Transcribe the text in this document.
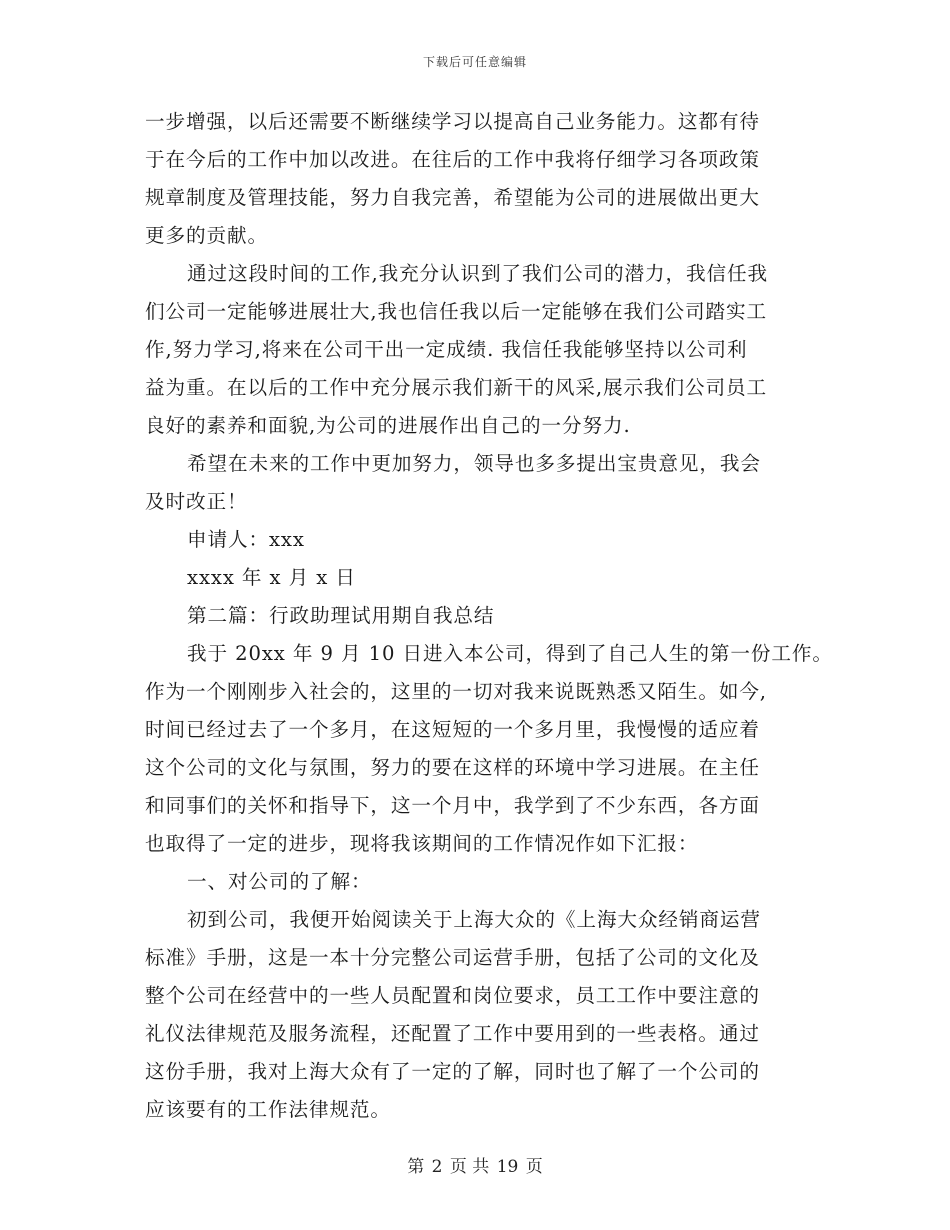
下载后可任意编辑
一步增强，以后还需要不断继续学习以提高自己业务能力。这都有待
于在今后的工作中加以改进。在往后的工作中我将仔细学习各项政策
规章制度及管理技能，努力自我完善，希望能为公司的进展做出更大
更多的贡献。
通过这段时间的工作,我充分认识到了我们公司的潜力，我信任我
们公司一定能够进展壮大,我也信任我以后一定能够在我们公司踏实工
作,努力学习,将来在公司干出一定成绩. 我信任我能够坚持以公司利
益为重。在以后的工作中充分展示我们新干的风采,展示我们公司员工
良好的素养和面貌,为公司的进展作出自己的一分努力.
希望在未来的工作中更加努力，领导也多多提出宝贵意见，我会
及时改正！
申请人：xxx
xxxx 年 x 月 x 日
第二篇：行政助理试用期自我总结
我于 20xx 年 9 月 10 日进入本公司，得到了自己人生的第一份工作。
作为一个刚刚步入社会的，这里的一切对我来说既熟悉又陌生。如今,
时间已经过去了一个多月，在这短短的一个多月里，我慢慢的适应着
这个公司的文化与氛围，努力的要在这样的环境中学习进展。在主任
和同事们的关怀和指导下，这一个月中，我学到了不少东西，各方面
也取得了一定的进步，现将我该期间的工作情况作如下汇报：
一、对公司的了解：
初到公司，我便开始阅读关于上海大众的《上海大众经销商运营
标准》手册，这是一本十分完整公司运营手册，包括了公司的文化及
整个公司在经营中的一些人员配置和岗位要求，员工工作中要注意的
礼仪法律规范及服务流程，还配置了工作中要用到的一些表格。通过
这份手册，我对上海大众有了一定的了解，同时也了解了一个公司的
应该要有的工作法律规范。
第 2 页 共 19 页
